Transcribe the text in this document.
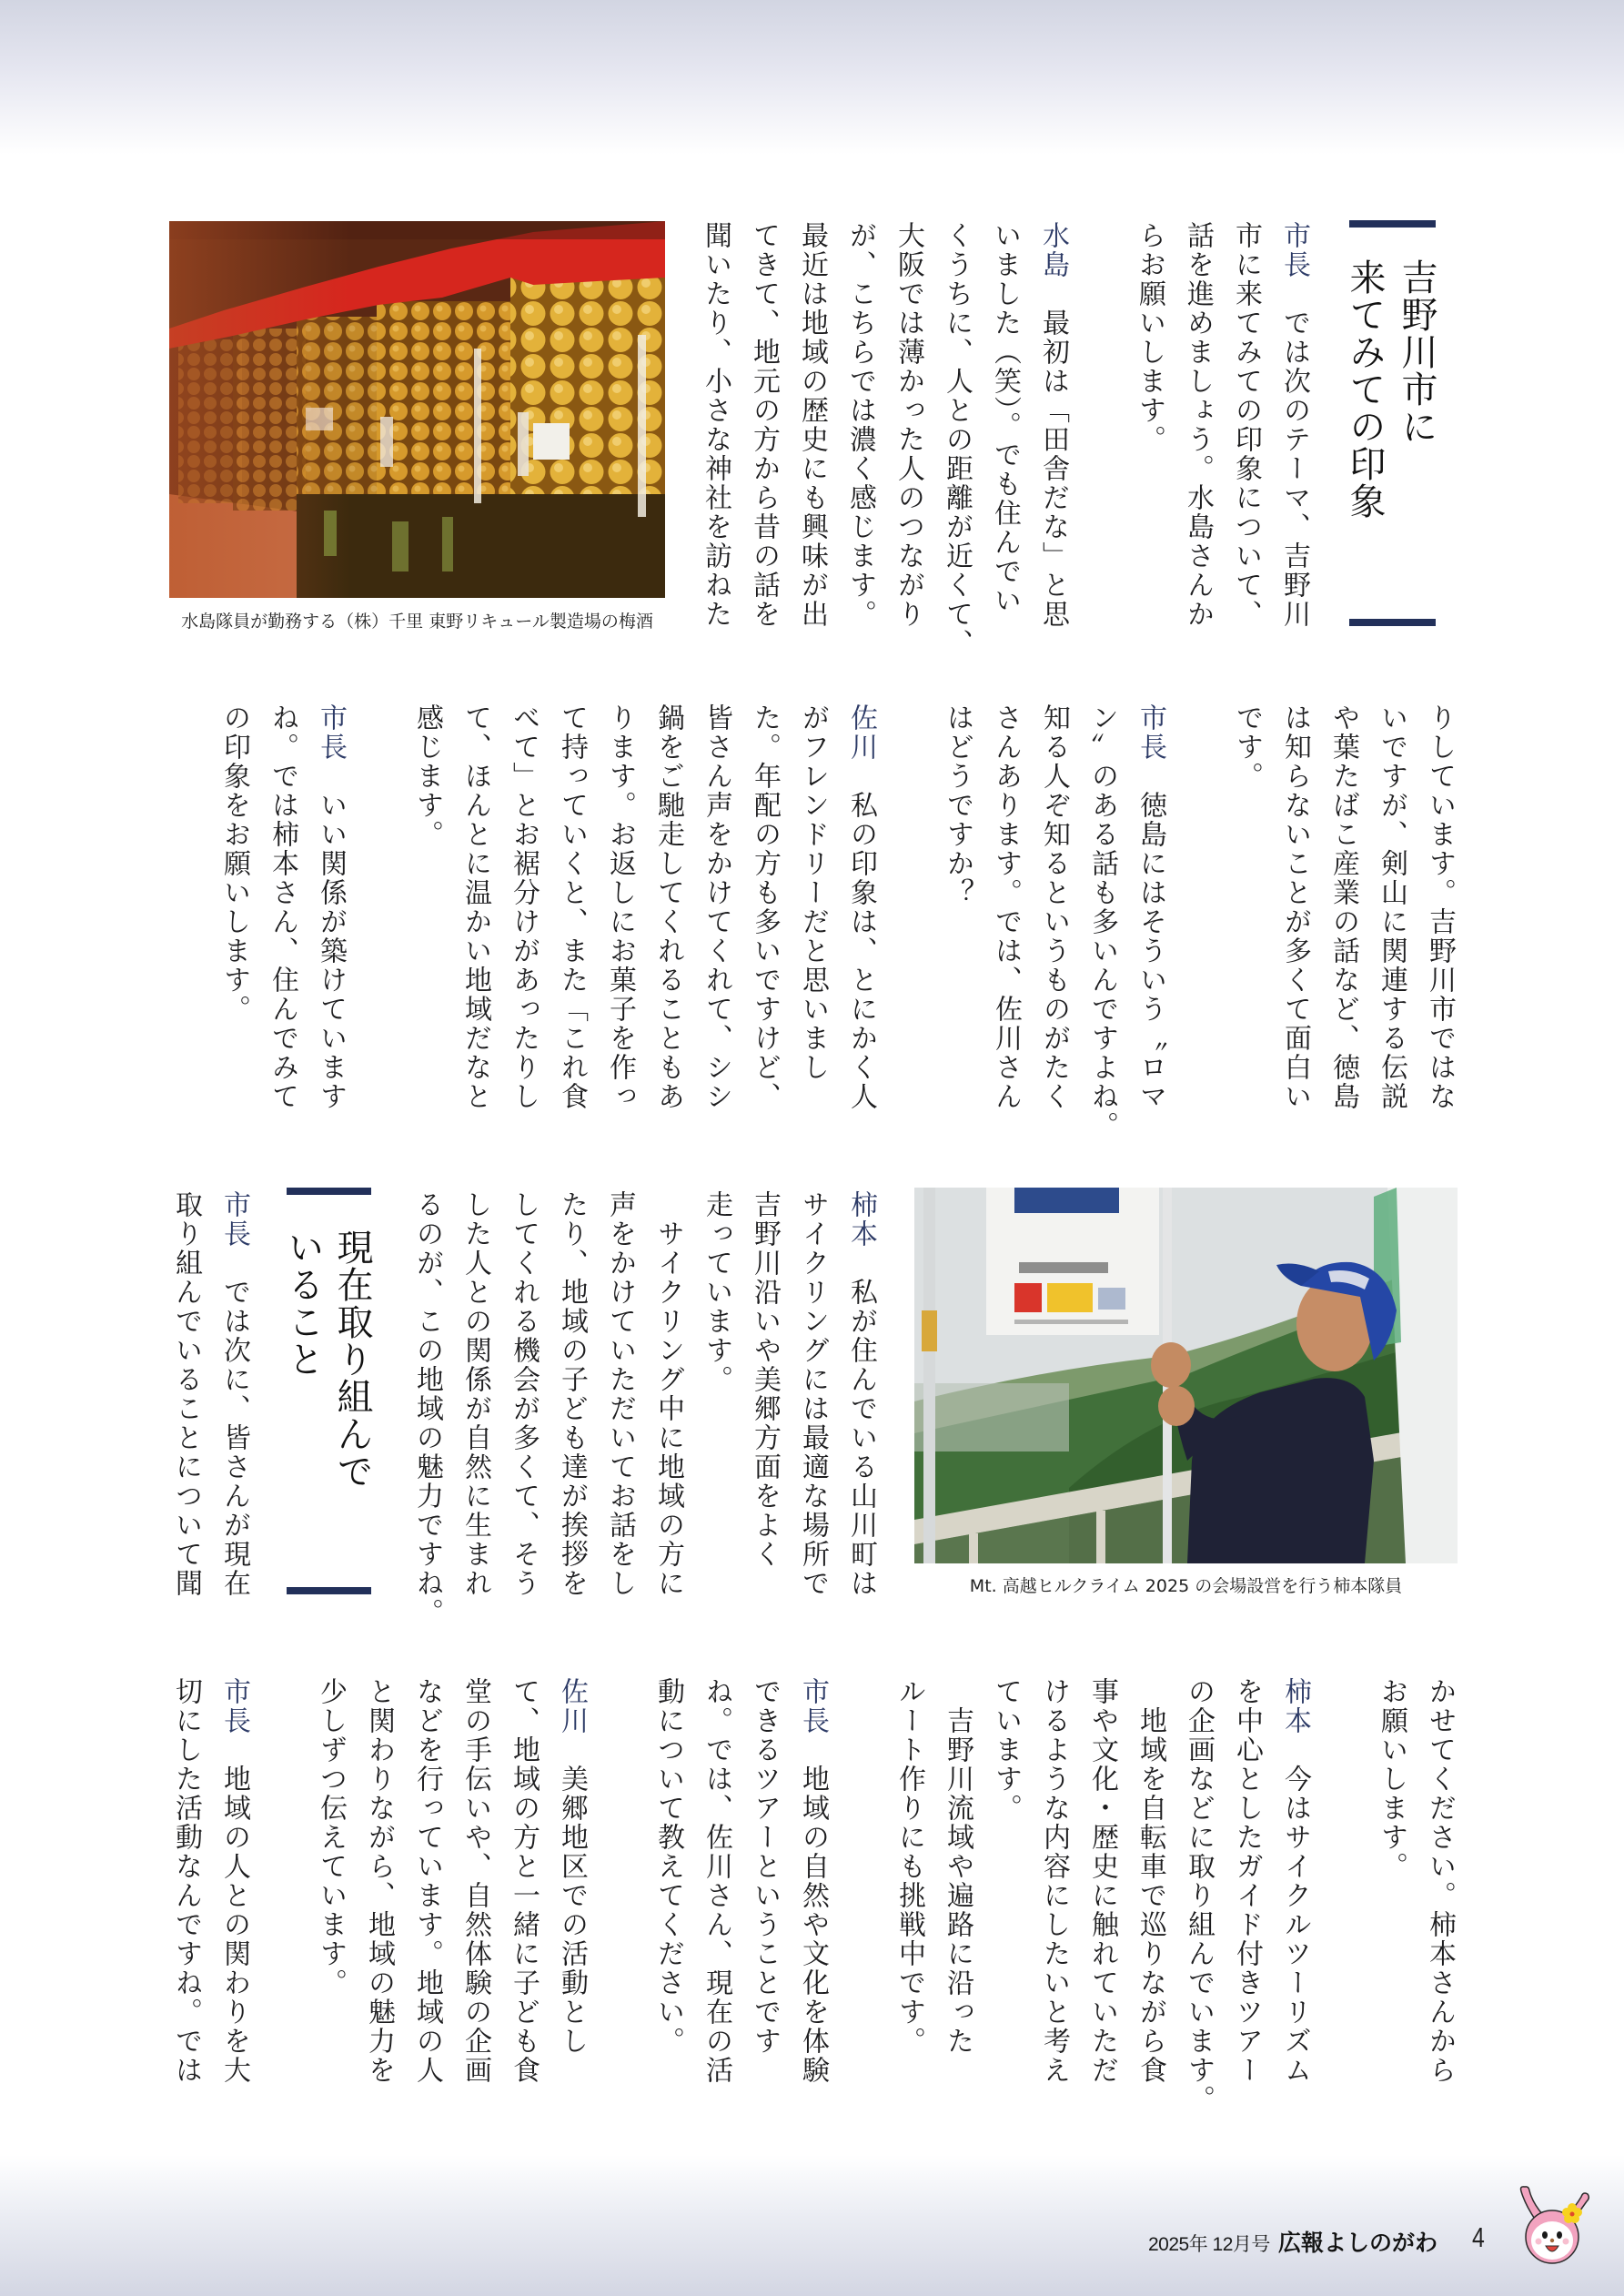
吉野川市に
来てみての印象
市長　では次のテーマ、吉野川
市に来てみての印象について、
話を進めましょう。水島さんか
らお願いします。
水島　最初は「田舎だな」と思
いました（笑）。でも住んでい
くうちに、人との距離が近くて、
大阪では薄かった人のつながり
が、こちらでは濃く感じます。
最近は地域の歴史にも興味が出
てきて、地元の方から昔の話を
聞いたり、小さな神社を訪ねた
水島隊員が勤務する（株）千里 東野リキュール製造場の梅酒
りしています。吉野川市ではな
いですが、剣山に関連する伝説
や葉たばこ産業の話など、徳島
は知らないことが多くて面白い
です。
市長　徳島にはそういう〝ロマ
ン〟のある話も多いんですよね。
知る人ぞ知るというものがたく
さんあります。では、佐川さん
はどうですか？
佐川　私の印象は、とにかく人
がフレンドリーだと思いまし
た。年配の方も多いですけど、
皆さん声をかけてくれて、シシ
鍋をご馳走してくれることもあ
ります。お返しにお菓子を作っ
て持っていくと、また「これ食
べて」とお裾分けがあったりし
て、ほんとに温かい地域だなと
感じます。
市長　いい関係が築けています
ね。では柿本さん、住んでみて
の印象をお願いします。
Mt. 高越ヒルクライム 2025 の会場設営を行う柿本隊員
柿本　私が住んでいる山川町は
サイクリングには最適な場所で
吉野川沿いや美郷方面をよく
走っています。
　サイクリング中に地域の方に
声をかけていただいてお話をし
たり、地域の子ども達が挨拶を
してくれる機会が多くて、そう
した人との関係が自然に生まれ
るのが、この地域の魅力ですね。
現在取り組んで
いること
市長　では次に、皆さんが現在
取り組んでいることについて聞
かせてください。柿本さんから
お願いします。
柿本　今はサイクルツーリズム
を中心としたガイド付きツアー
の企画などに取り組んでいます。
　地域を自転車で巡りながら食
事や文化・歴史に触れていただ
けるような内容にしたいと考え
ています。
　吉野川流域や遍路に沿った
ルート作りにも挑戦中です。
市長　地域の自然や文化を体験
できるツアーということです
ね。では、佐川さん、現在の活
動について教えてください。
佐川　美郷地区での活動とし
て、地域の方と一緒に子ども食
堂の手伝いや、自然体験の企画
などを行っています。地域の人
と関わりながら、地域の魅力を
少しずつ伝えています。
市長　地域の人との関わりを大
切にした活動なんですね。では
2025年 12月号 広報よしのがわ 4
